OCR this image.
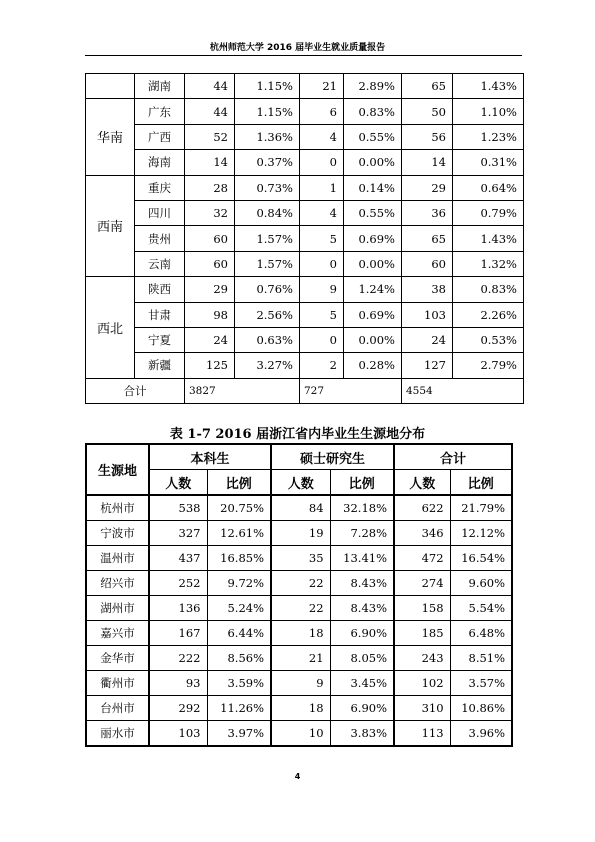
杭州师范大学 2016 届毕业生就业质量报告
	湖南	44	1.15%	21	2.89%	65	1.43%
华南	广东	44	1.15%	6	0.83%	50	1.10%
	广西	52	1.36%	4	0.55%	56	1.23%
	海南	14	0.37%	0	0.00%	14	0.31%
西南	重庆	28	0.73%	1	0.14%	29	0.64%
	四川	32	0.84%	4	0.55%	36	0.79%
	贵州	60	1.57%	5	0.69%	65	1.43%
	云南	60	1.57%	0	0.00%	60	1.32%
西北	陕西	29	0.76%	9	1.24%	38	0.83%
	甘肃	98	2.56%	5	0.69%	103	2.26%
	宁夏	24	0.63%	0	0.00%	24	0.53%
	新疆	125	3.27%	2	0.28%	127	2.79%
合计		3827		727		4554	
表 1-7 2016 届浙江省内毕业生生源地分布
生源地	本科生		硕士研究生		合计	
	人数	比例	人数	比例	人数	比例
杭州市	538	20.75%	84	32.18%	622	21.79%
宁波市	327	12.61%	19	7.28%	346	12.12%
温州市	437	16.85%	35	13.41%	472	16.54%
绍兴市	252	9.72%	22	8.43%	274	9.60%
湖州市	136	5.24%	22	8.43%	158	5.54%
嘉兴市	167	6.44%	18	6.90%	185	6.48%
金华市	222	8.56%	21	8.05%	243	8.51%
衢州市	93	3.59%	9	3.45%	102	3.57%
台州市	292	11.26%	18	6.90%	310	10.86%
丽水市	103	3.97%	10	3.83%	113	3.96%
4
